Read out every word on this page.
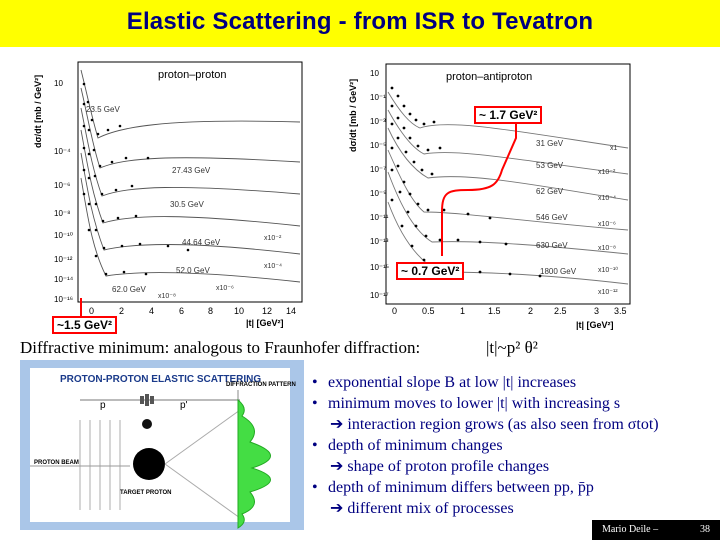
Elastic Scattering - from ISR to Tevatron
dσ/dt [mb / GeV²]	proton–proton
10
10⁻⁴
10⁻⁶
10⁻⁸
10⁻¹⁰
10⁻¹²
10⁻¹⁴
10⁻¹⁶
0	2	4	6	8 10 12 14
|t| [GeV²]
23.5 GeV
27.43 GeV
30.5 GeV
44.64 GeV
52.0 GeV
62.0 GeV
x10⁻²
x10⁻⁴
x10⁻⁶
x10⁻⁸
~1.5 GeV²
dσ/dt [mb / GeV²]
proton–antiproton
10
10⁻¹
10⁻³
10⁻⁵
10⁻⁷
10⁻⁹
10⁻¹¹
10⁻¹³
10⁻¹⁵
10⁻¹⁷
0	0.5	1	1.5	2 2.5	3 3.5
|t| [GeV²]
31 GeV
53 GeV
62 GeV
546 GeV
630 GeV
1800 GeV
x1
x10⁻²
x10⁻⁴
x10⁻⁶
x10⁻⁸
x10⁻¹⁰
x10⁻¹²
~ 1.7 GeV²
~ 0.7 GeV²
Diffractive minimum: analogous to Fraunhofer diffraction:	|t|~p² θ²
PROTON-PROTON ELASTIC SCATTERING
p	p'
DIFFRACTION PATTERN
PROTON BEAM
TARGET PROTON
• exponential slope B at low |t| increases
• minimum moves to lower |t| with increasing s
➔ interaction region grows (as also seen from σtot)
• depth of minimum changes
➔ shape of proton profile changes
• depth of minimum differs between pp, p̄p
➔ different mix of processes
Mario Deile –	38
